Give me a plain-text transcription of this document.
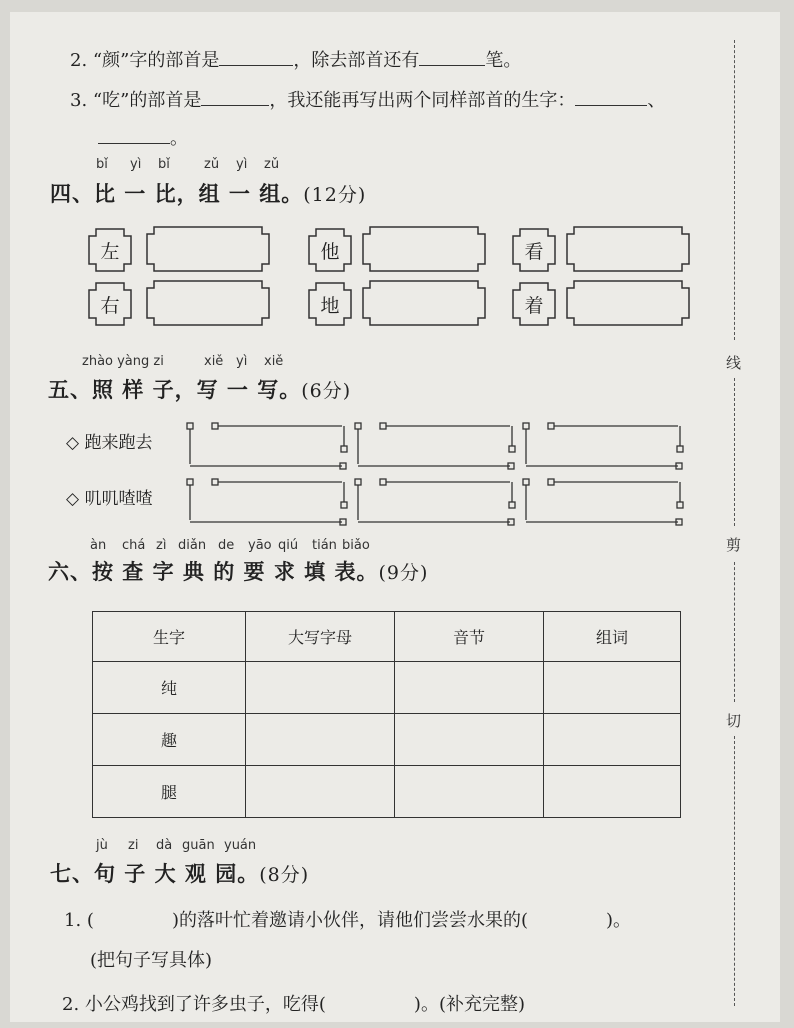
2. “颜”字的部首是	，除去部首还有	笔。
3. “吃”的部首是	，我还能再写出两个同样部首的生字：	、
。
bǐ yì bǐ	zǔ yì zǔ
四、比 一 比，组 一 组。(12分)
左
右
他
地
看
着
zhào yàng zi	xiě yì xiě
五、照 样 子，写 一 写。(6分)
◇ 跑来跑去
◇ 叽叽喳喳
àn chá zì diǎn de yāo qiú tián biǎo
六、按 查 字 典 的 要 求 填 表。(9分)
生字	大写字母	音节	组词
纯			
趣			
腿			
jù zi dà guān yuán
七、句 子 大 观 园。(8分)
1. (	)的落叶忙着邀请小伙伴，请他们尝尝水果的(	)。
(把句子写具体)
2. 小公鸡找到了许多虫子，吃得(	)。(补充完整)
线
剪
切
